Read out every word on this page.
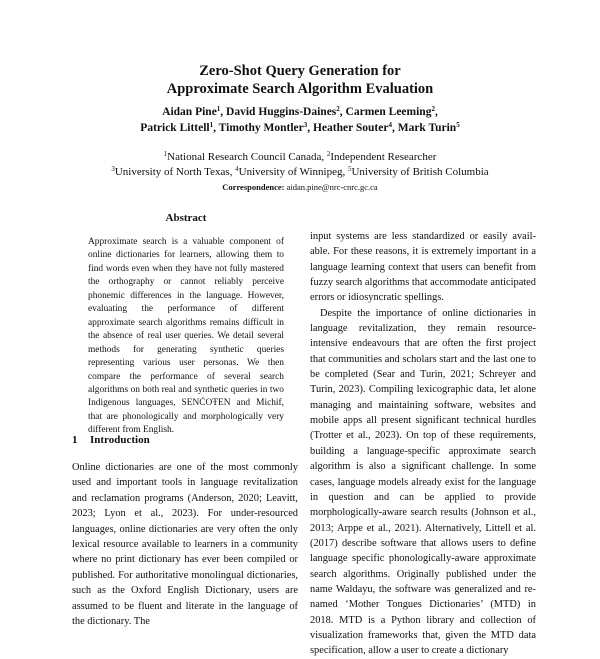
Zero-Shot Query Generation for
Approximate Search Algorithm Evaluation
Aidan Pine$^1$, David Huggins-Daines$^2$, Carmen Leeming$^2$,
Patrick Littell$^1$, Timothy Montler$^3$, Heather Souter$^4$, Mark Turin$^5$
$^1$National Research Council Canada, $^2$Independent Researcher
$^3$University of North Texas, $^4$University of Winnipeg, $^5$University of British Columbia
Correspondence: aidan.pine@nrc-cnrc.gc.ca
Abstract
Approximate search is a valuable component of online dictionaries for learners, allowing them to find words even when they have not fully mastered the orthography or cannot reliably perceive phonemic differences in the language. However, evaluating the performance of different approximate search algorithms remains difficult in the absence of real user queries. We detail several methods for generating synthetic queries representing various user personas. We then compare the performance of several search algorithms on both real and synthetic queries in two Indigenous languages, SENĆOŦEN and Michif, that are phonologically and morphologically very different from English.
1 Introduction

Online dictionaries are one of the most commonly used and important tools in language revitalization and reclamation programs (Anderson, 2020; Leavitt, 2023; Lyon et al., 2023). For under-resourced languages, online dictionaries are very often the only lexical resource available to learners in a community where no print dictionary has ever been compiled or published. For authoritative monolingual dictionaries, such as the Oxford English Dictionary, users are assumed to be fluent and literate in the language of the dictionary. The

input systems are less standardized or easily available. For these reasons, it is extremely important in a language learning context that users can benefit from fuzzy search algorithms that accommodate anticipated errors or idiosyncratic spellings.

Despite the importance of online dictionaries in language revitalization, they remain resource-intensive endeavours that are often the first project that communities and scholars start and the last one to be completed (Sear and Turin, 2021; Schreyer and Turin, 2023). Compiling lexicographic data, let alone managing and maintaining software, websites and mobile apps all present significant technical hurdles (Trotter et al., 2023). On top of these requirements, building a language-specific approximate search algorithm is also a significant challenge. In some cases, language models already exist for the language in question and can be applied to provide morphologically-aware search results (Johnson et al., 2013; Arppe et al., 2021). Alternatively, Littell et al. (2017) describe software that allows users to define language specific phonologically-aware approximate search algorithms. Originally published under the name Waldayu, the software was generalized and renamed ‘Mother Tongues Dictionaries’ (MTD) in 2018. MTD is a Python library and collection of visualization frameworks that, given the MTD data specification, allow a user to create a dictionary
